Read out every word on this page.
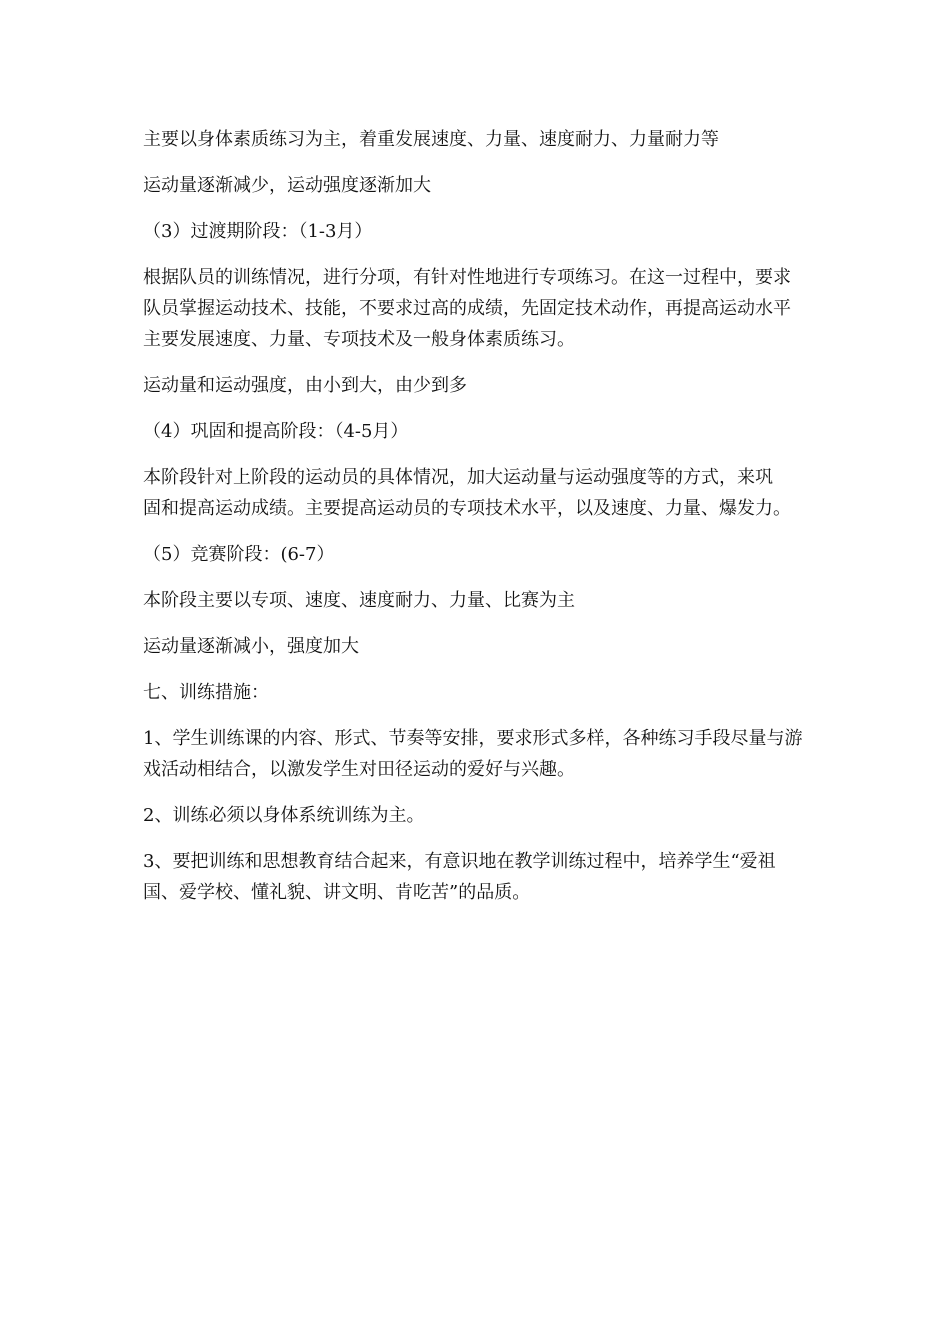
主要以身体素质练习为主，着重发展速度、力量、速度耐力、力量耐力等

运动量逐渐减少，运动强度逐渐加大

（3）过渡期阶段：（1-3月）

根据队员的训练情况，进行分项，有针对性地进行专项练习。在这一过程中，要求
队员掌握运动技术、技能，不要求过高的成绩，先固定技术动作，再提高运动水平
主要发展速度、力量、专项技术及一般身体素质练习。

运动量和运动强度，由小到大，由少到多

（4）巩固和提高阶段：（4-5月）

本阶段针对上阶段的运动员的具体情况，加大运动量与运动强度等的方式，来巩
固和提高运动成绩。主要提高运动员的专项技术水平，以及速度、力量、爆发力。

（5）竞赛阶段：(6-7）

本阶段主要以专项、速度、速度耐力、力量、比赛为主

运动量逐渐减小，强度加大

七、训练措施：

1、学生训练课的内容、形式、节奏等安排，要求形式多样，各种练习手段尽量与游
戏活动相结合，以激发学生对田径运动的爱好与兴趣。

2、训练必须以身体系统训练为主。

3、要把训练和思想教育结合起来，有意识地在教学训练过程中，培养学生“爱祖
国、爱学校、懂礼貌、讲文明、肯吃苦”的品质。
